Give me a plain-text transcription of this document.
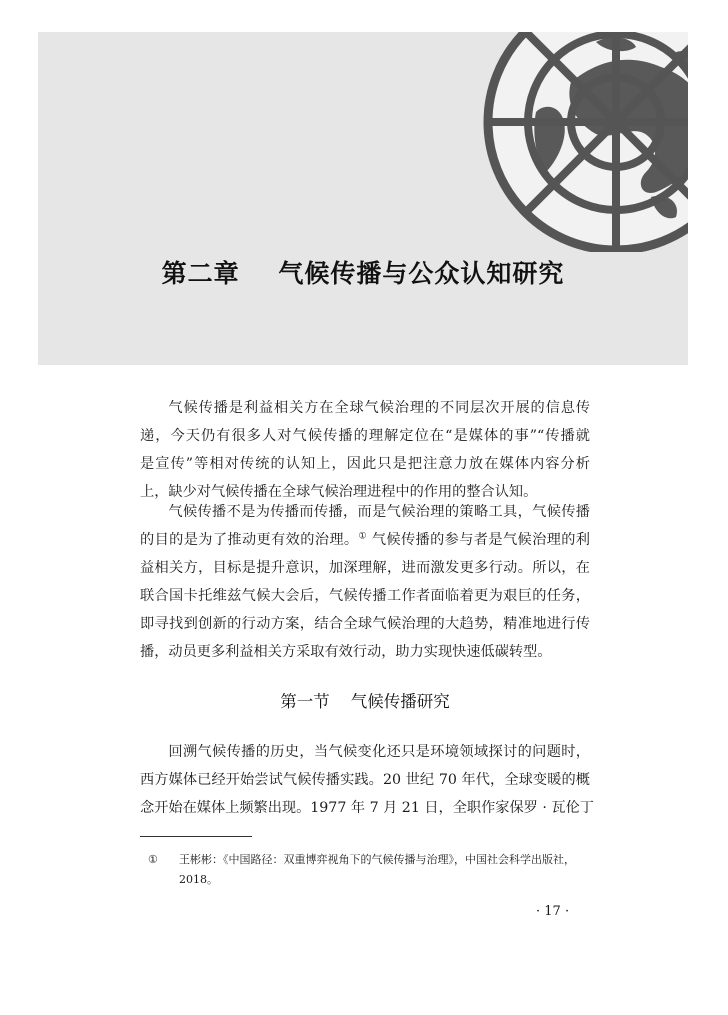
第二章    气候传播与公众认知研究

气候传播是利益相关方在全球气候治理的不同层次开展的信息传
递，今天仍有很多人对气候传播的理解定位在“是媒体的事”“传播就
是宣传”等相对传统的认知上，因此只是把注意力放在媒体内容分析
上，缺少对气候传播在全球气候治理进程中的作用的整合认知。

气候传播不是为传播而传播，而是气候治理的策略工具，气候传播
的目的是为了推动更有效的治理。① 气候传播的参与者是气候治理的利
益相关方，目标是提升意识，加深理解，进而激发更多行动。所以，在
联合国卡托维兹气候大会后，气候传播工作者面临着更为艰巨的任务，
即寻找到创新的行动方案，结合全球气候治理的大趋势，精准地进行传
播，动员更多利益相关方采取有效行动，助力实现快速低碳转型。

第一节    气候传播研究

回溯气候传播的历史，当气候变化还只是环境领域探讨的问题时，
西方媒体已经开始尝试气候传播实践。20 世纪 70 年代，全球变暖的概
念开始在媒体上频繁出现。1977 年 7 月 21 日，全职作家保罗 · 瓦伦丁

①	王彬彬：《中国路径：双重博弈视角下的气候传播与治理》，中国社会科学出版社，
2018。
· 17 ·
